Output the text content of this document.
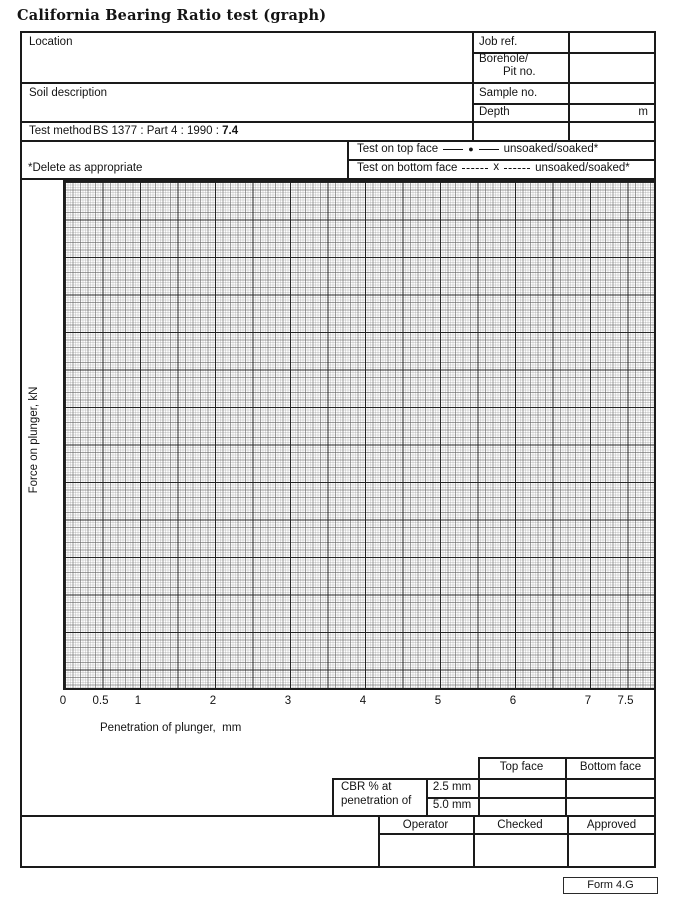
California Bearing Ratio test (graph)
Location	Job ref.
Borehole/
Pit no.
Soil description	Sample no.
Depth	m
Test method BS 1377 : Part 4 : 1990 : 7.4
*Delete as appropriate
Test on top face	●	unsoaked/soaked*
Test on bottom face	x	unsoaked/soaked*
Force on plunger, kN
0 0.5 1	2	3	4	5	6	7 7.5
Penetration of plunger,  mm
Top face	Bottom face
CBR % at
penetration of
2.5 mm
5.0 mm
Operator	Checked	Approved
Form 4.G
